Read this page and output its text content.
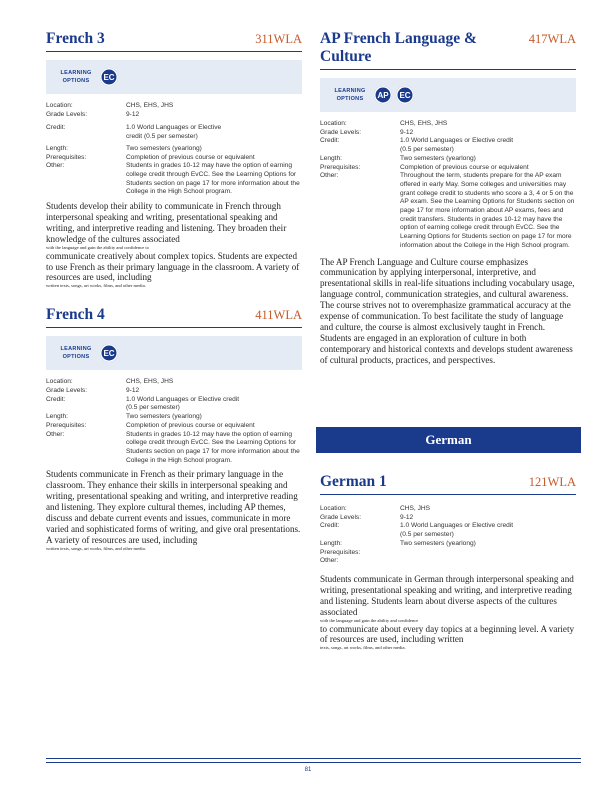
French 3	311WLA
LEARNING
OPTIONS	EC
Location:	CHS, EHS, JHS
Grade Levels:	9-12
Credit:	1.0 World Languages or Elective
credit (0.5 per semester)
Length:	Two semesters (yearlong)
Prerequisites:	Completion of previous course or equivalent
Other:	Students in grades 10-12 may have the option of earning college credit through EvCC. See the Learning Options for Students section on page 17 for more information about the College in the High School program.
Students develop their ability to communicate in French through interpersonal speaking and writing, presentational speaking and writing, and interpretive reading and listening. They broaden their knowledge of the cultures associated
with the language and gain the ability and confidence to
communicate creatively about complex topics. Students are expected to use French as their primary language in the classroom. A variety of resources are used, including
written texts, songs, art works, films, and other media.
French 4	411WLA
LEARNING
OPTIONS	EC
Location:	CHS, EHS, JHS
Grade Levels:	9-12
Credit:	1.0 World Languages or Elective credit
(0.5 per semester)
Length:	Two semesters (yearlong)
Prerequisites:	Completion of previous course or equivalent
Other:	Students in grades 10-12 may have the option of earning college credit through EvCC. See the Learning Options for Students section on page 17 for more information about the College in the High School program.
Students communicate in French as their primary language in the classroom. They enhance their skills in interpersonal speaking and writing, presentational speaking and writing, and interpretive reading and listening. They explore cultural themes, including AP themes, discuss and debate current events and issues, communicate in more varied and sophisticated forms of writing, and give oral presentations. A variety of resources are used, including
written texts, songs, art works, films, and other media.
AP French Language & Culture
417WLA
LEARNING
OPTIONS	AP	EC
Location:	CHS, EHS, JHS
Grade Levels:	9-12
Credit:	1.0 World Languages or Elective credit
(0.5 per semester)
Length:	Two semesters (yearlong)
Prerequisites:	Completion of previous course or equivalent
Other:	Throughout the term, students prepare for the AP exam offered in early May. Some colleges and universities may grant college credit to students who score a 3, 4 or 5 on the AP exam. See the Learning Options for Students section on page 17 for more information about AP exams, fees and credit transfers. Students in grades 10-12 may have the option of earning college credit through EvCC. See the Learning Options for Students section on page 17 for more information about the College in the High School program.
The AP French Language and Culture course emphasizes communication by applying interpersonal, interpretive, and presentational skills in real-life situations including vocabulary usage, language control, communication strategies, and cultural awareness. The course strives not to overemphasize grammatical accuracy at the expense of communication. To best facilitate the study of language and culture, the course is almost exclusively taught in French. Students are engaged in an exploration of culture in both contemporary and historical contexts and develops student awareness of cultural products, practices, and perspectives.
German
German 1	121WLA
Location:	CHS, JHS
Grade Levels:	9-12
Credit:	1.0 World Languages or Elective credit
(0.5 per semester)
Length:	Two semesters (yearlong)
Prerequisites:
Other:
Students communicate in German through interpersonal speaking and writing, presentational speaking and writing, and interpretive reading and listening. Students learn about diverse aspects of the cultures associated
with the language and gain the ability and confidence
to communicate about every day topics at a beginning level. A variety of resources are used, including written
texts, songs, art works, films, and other media.
81
